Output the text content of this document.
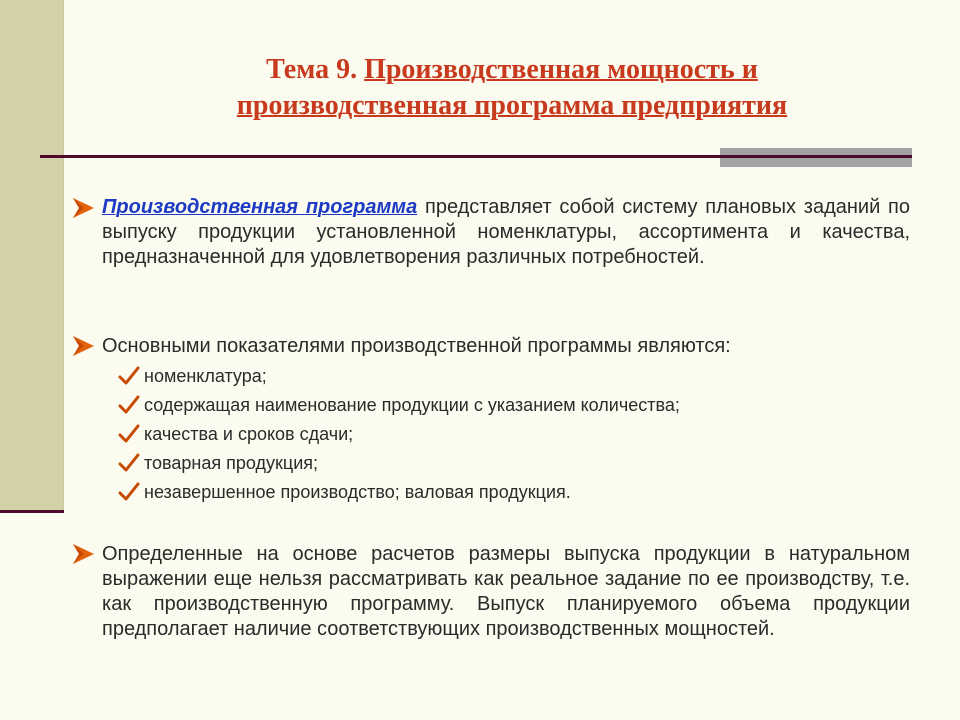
Тема 9. Производственная мощность и
производственная программа предприятия
Производственная программа представляет собой систему плановых заданий по выпуску продукции установленной номенклатуры, ассортимента и качества, предназначенной для удовлетворения различных потребностей.
Основными показателями производственной программы являются:
номенклатура;
содержащая наименование продукции с указанием количества;
качества и сроков сдачи;
товарная продукция;
незавершенное производство; валовая продукция.
Определенные на основе расчетов размеры выпуска продукции в натуральном выражении еще нельзя рассматривать как реальное задание по ее производству, т.е. как производственную программу. Выпуск планируемого объема продукции предполагает наличие соответствующих производственных мощностей.
